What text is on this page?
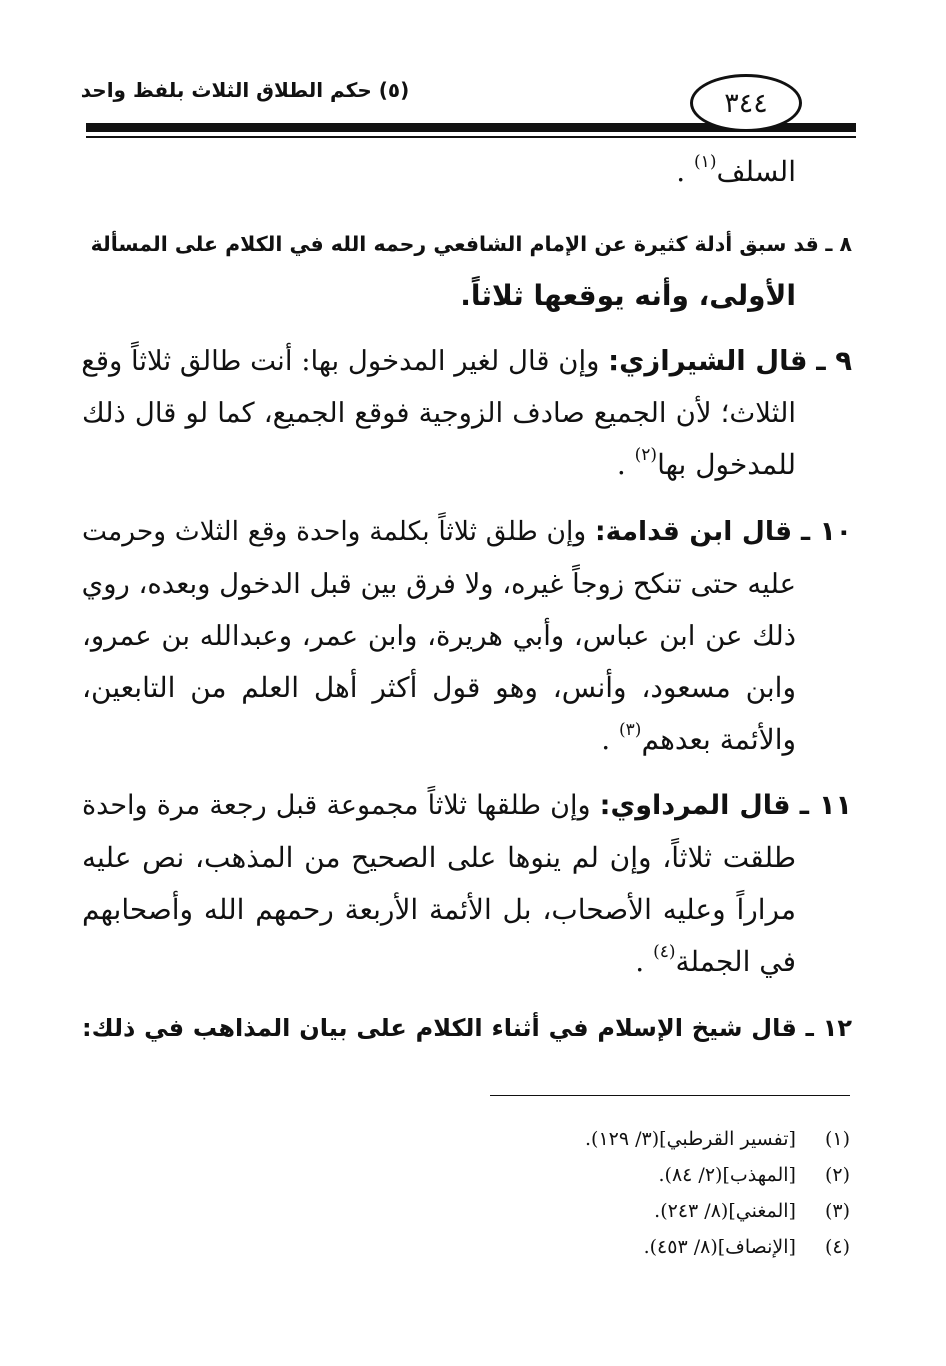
(٥) حكم الطلاق الثلاث بلفظ واحد	٣٤٤
السلف$^{(١)}$ .
٨ ـ قد سبق أدلة كثيرة عن الإمام الشافعي رحمه الله في الكلام على المسألة
الأولى، وأنه يوقعها ثلاثاً.
٩ ـ قال الشيرازي: وإن قال لغير المدخول بها: أنت طالق ثلاثاً وقع
الثلاث؛ لأن الجميع صادف الزوجية فوقع الجميع، كما لو قال ذلك
للمدخول بها$^{(٢)}$ .
١٠ ـ قال ابن قدامة: وإن طلق ثلاثاً بكلمة واحدة وقع الثلاث وحرمت
عليه حتى تنكح زوجاً غيره، ولا فرق بين قبل الدخول وبعده، روي
ذلك عن ابن عباس، وأبي هريرة، وابن عمر، وعبدالله بن عمرو،
وابن مسعود، وأنس، وهو قول أكثر أهل العلم من التابعين،
والأئمة بعدهم$^{(٣)}$ .
١١ ـ قال المرداوي: وإن طلقها ثلاثاً مجموعة قبل رجعة مرة واحدة
طلقت ثلاثاً، وإن لم ينوها على الصحيح من المذهب، نص عليه
مراراً وعليه الأصحاب، بل الأئمة الأربعة رحمهم الله وأصحابهم
في الجملة$^{(٤)}$ .
١٢ ـ قال شيخ الإسلام في أثناء الكلام على بيان المذاهب في ذلك:
(١) [تفسير القرطبي](٣/ ١٢٩).
(٢) [المهذب](٢/ ٨٤).
(٣) [المغني](٨/ ٢٤٣).
(٤) [الإنصاف](٨/ ٤٥٣).
